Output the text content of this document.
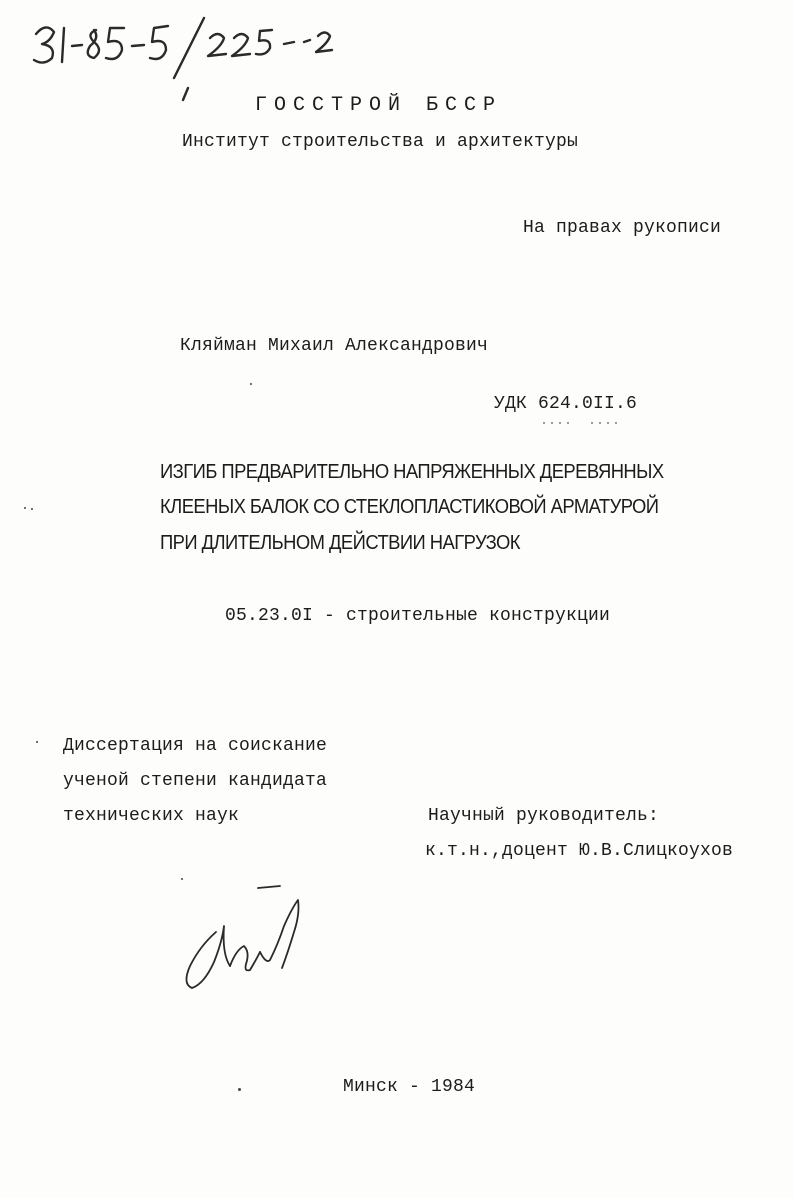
ГОССТРОЙ БССР
Институт строительства и архитектуры
На правах рукописи
Кляйман Михаил Александрович
УДК 624.0II.6
ИЗГИБ ПРЕДВАРИТЕЛЬНО НАПРЯЖЕННЫХ ДЕРЕВЯННЫХ
КЛЕЕНЫХ БАЛОК СО СТЕКЛОПЛАСТИКОВОЙ АРМАТУРОЙ
ПРИ ДЛИТЕЛЬНОМ ДЕЙСТВИИ НАГРУЗОК
05.23.0I - строительные конструкции
Диссертация на соискание
ученой степени кандидата
технических наук	Научный руководитель:
к.т.н.,доцент Ю.В.Слицкоухов
Минск - 1984
